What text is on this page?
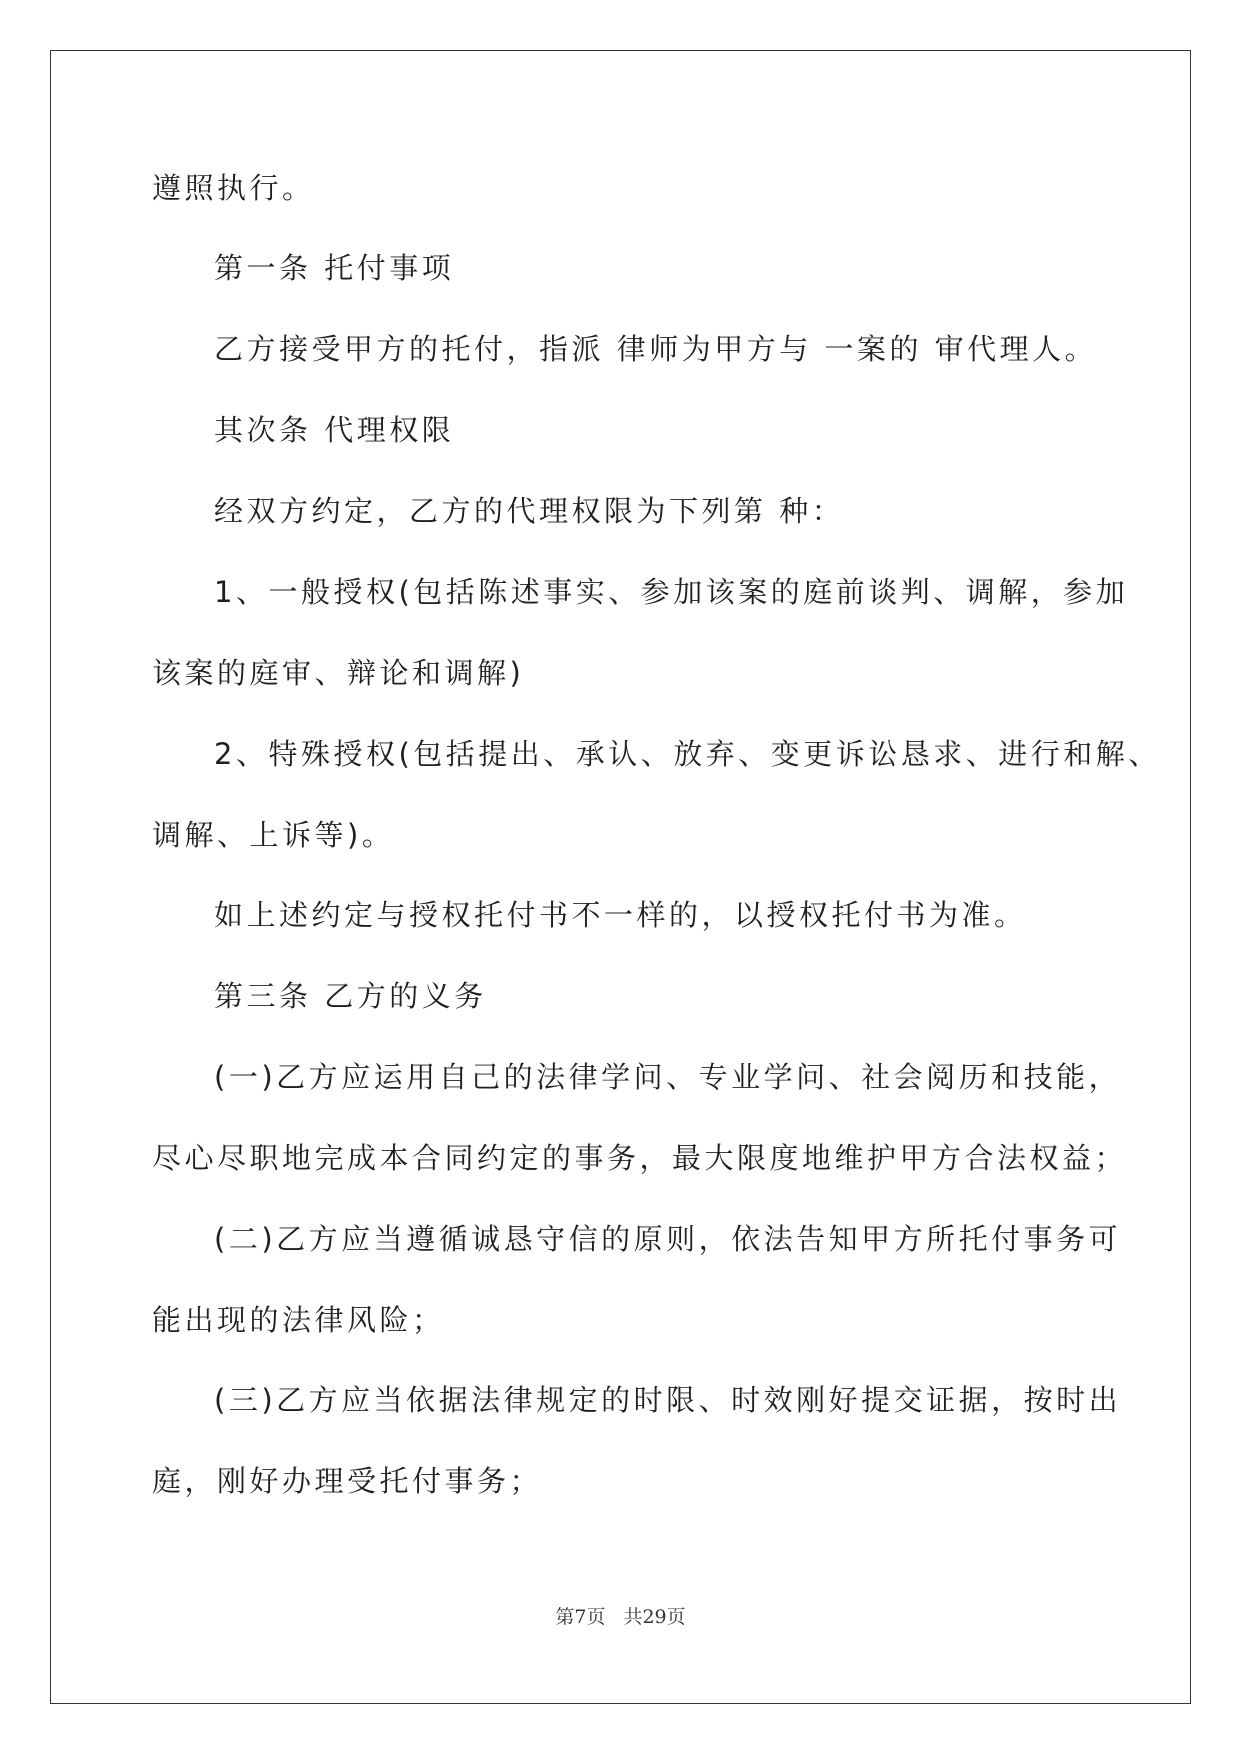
遵照执行。
第一条 托付事项
乙方接受甲方的托付，指派 律师为甲方与 一案的 审代理人。
其次条 代理权限
经双方约定，乙方的代理权限为下列第 种：
1、一般授权(包括陈述事实、参加该案的庭前谈判、调解，参加
该案的庭审、辩论和调解)
2、特殊授权(包括提出、承认、放弃、变更诉讼恳求、进行和解、
调解、上诉等)。
如上述约定与授权托付书不一样的，以授权托付书为准。
第三条 乙方的义务
(一)乙方应运用自己的法律学问、专业学问、社会阅历和技能，
尽心尽职地完成本合同约定的事务，最大限度地维护甲方合法权益；
(二)乙方应当遵循诚恳守信的原则，依法告知甲方所托付事务可
能出现的法律风险；
(三)乙方应当依据法律规定的时限、时效刚好提交证据，按时出
庭，刚好办理受托付事务；
第7页 共29页
